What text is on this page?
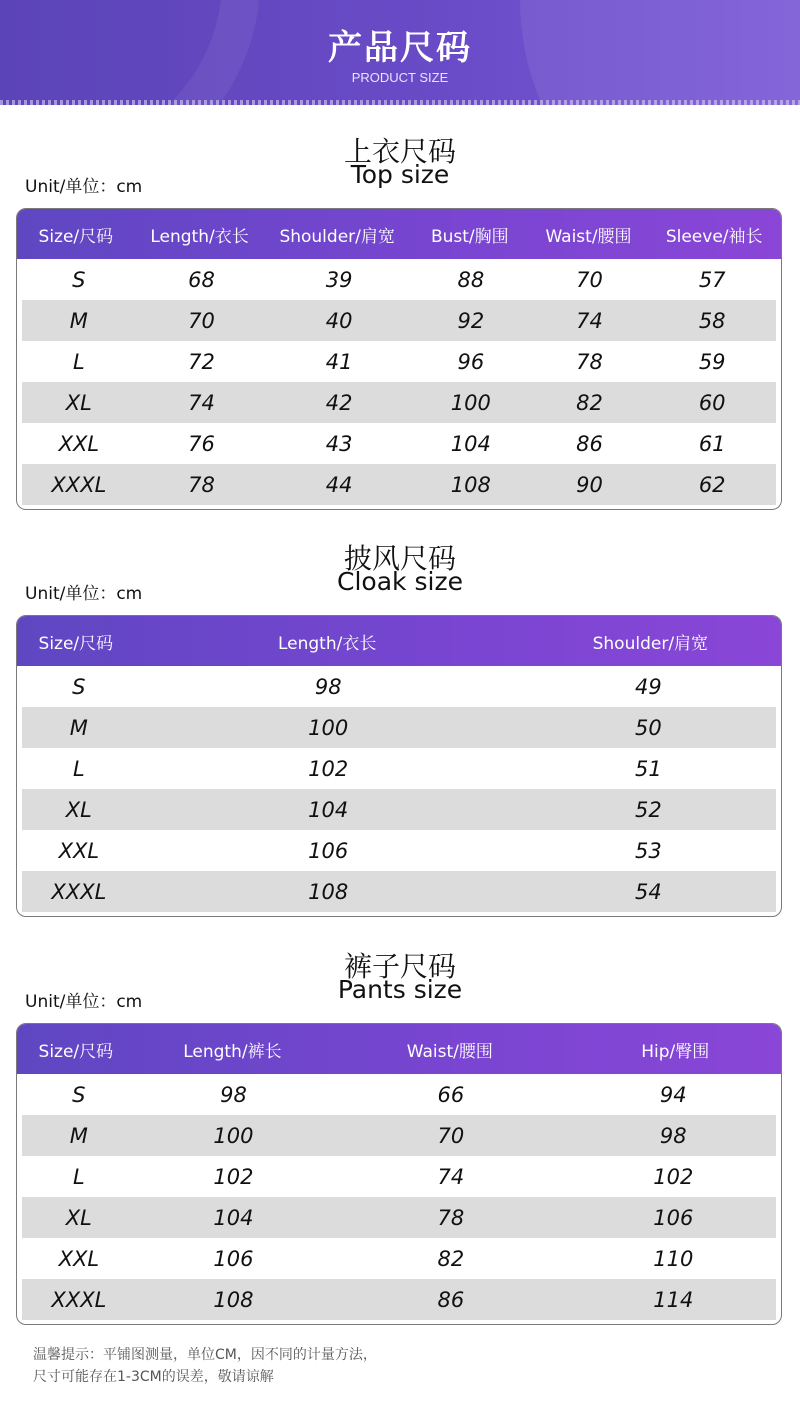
产品尺码
PRODUCT SIZE
上衣尺码
Top size
Unit/单位：cm
Size/尺码	Length/衣长	Shoulder/肩宽	Bust/胸围	Waist/腰围	Sleeve/袖长
S	68	39	88	70	57
M	70	40	92	74	58
L	72	41	96	78	59
XL	74	42	100	82	60
XXL	76	43	104	86	61
XXXL	78	44	108	90	62
披风尺码
Cloak size
Unit/单位：cm
Size/尺码	Length/衣长	Shoulder/肩宽
S	98	49
M	100	50
L	102	51
XL	104	52
XXL	106	53
XXXL	108	54
裤子尺码
Pants size
Unit/单位：cm
Size/尺码	Length/裤长	Waist/腰围	Hip/臀围
S	98	66	94
M	100	70	98
L	102	74	102
XL	104	78	106
XXL	106	82	110
XXXL	108	86	114
温馨提示：平铺图测量，单位CM，因不同的计量方法，
尺寸可能存在1-3CM的误差，敬请谅解
